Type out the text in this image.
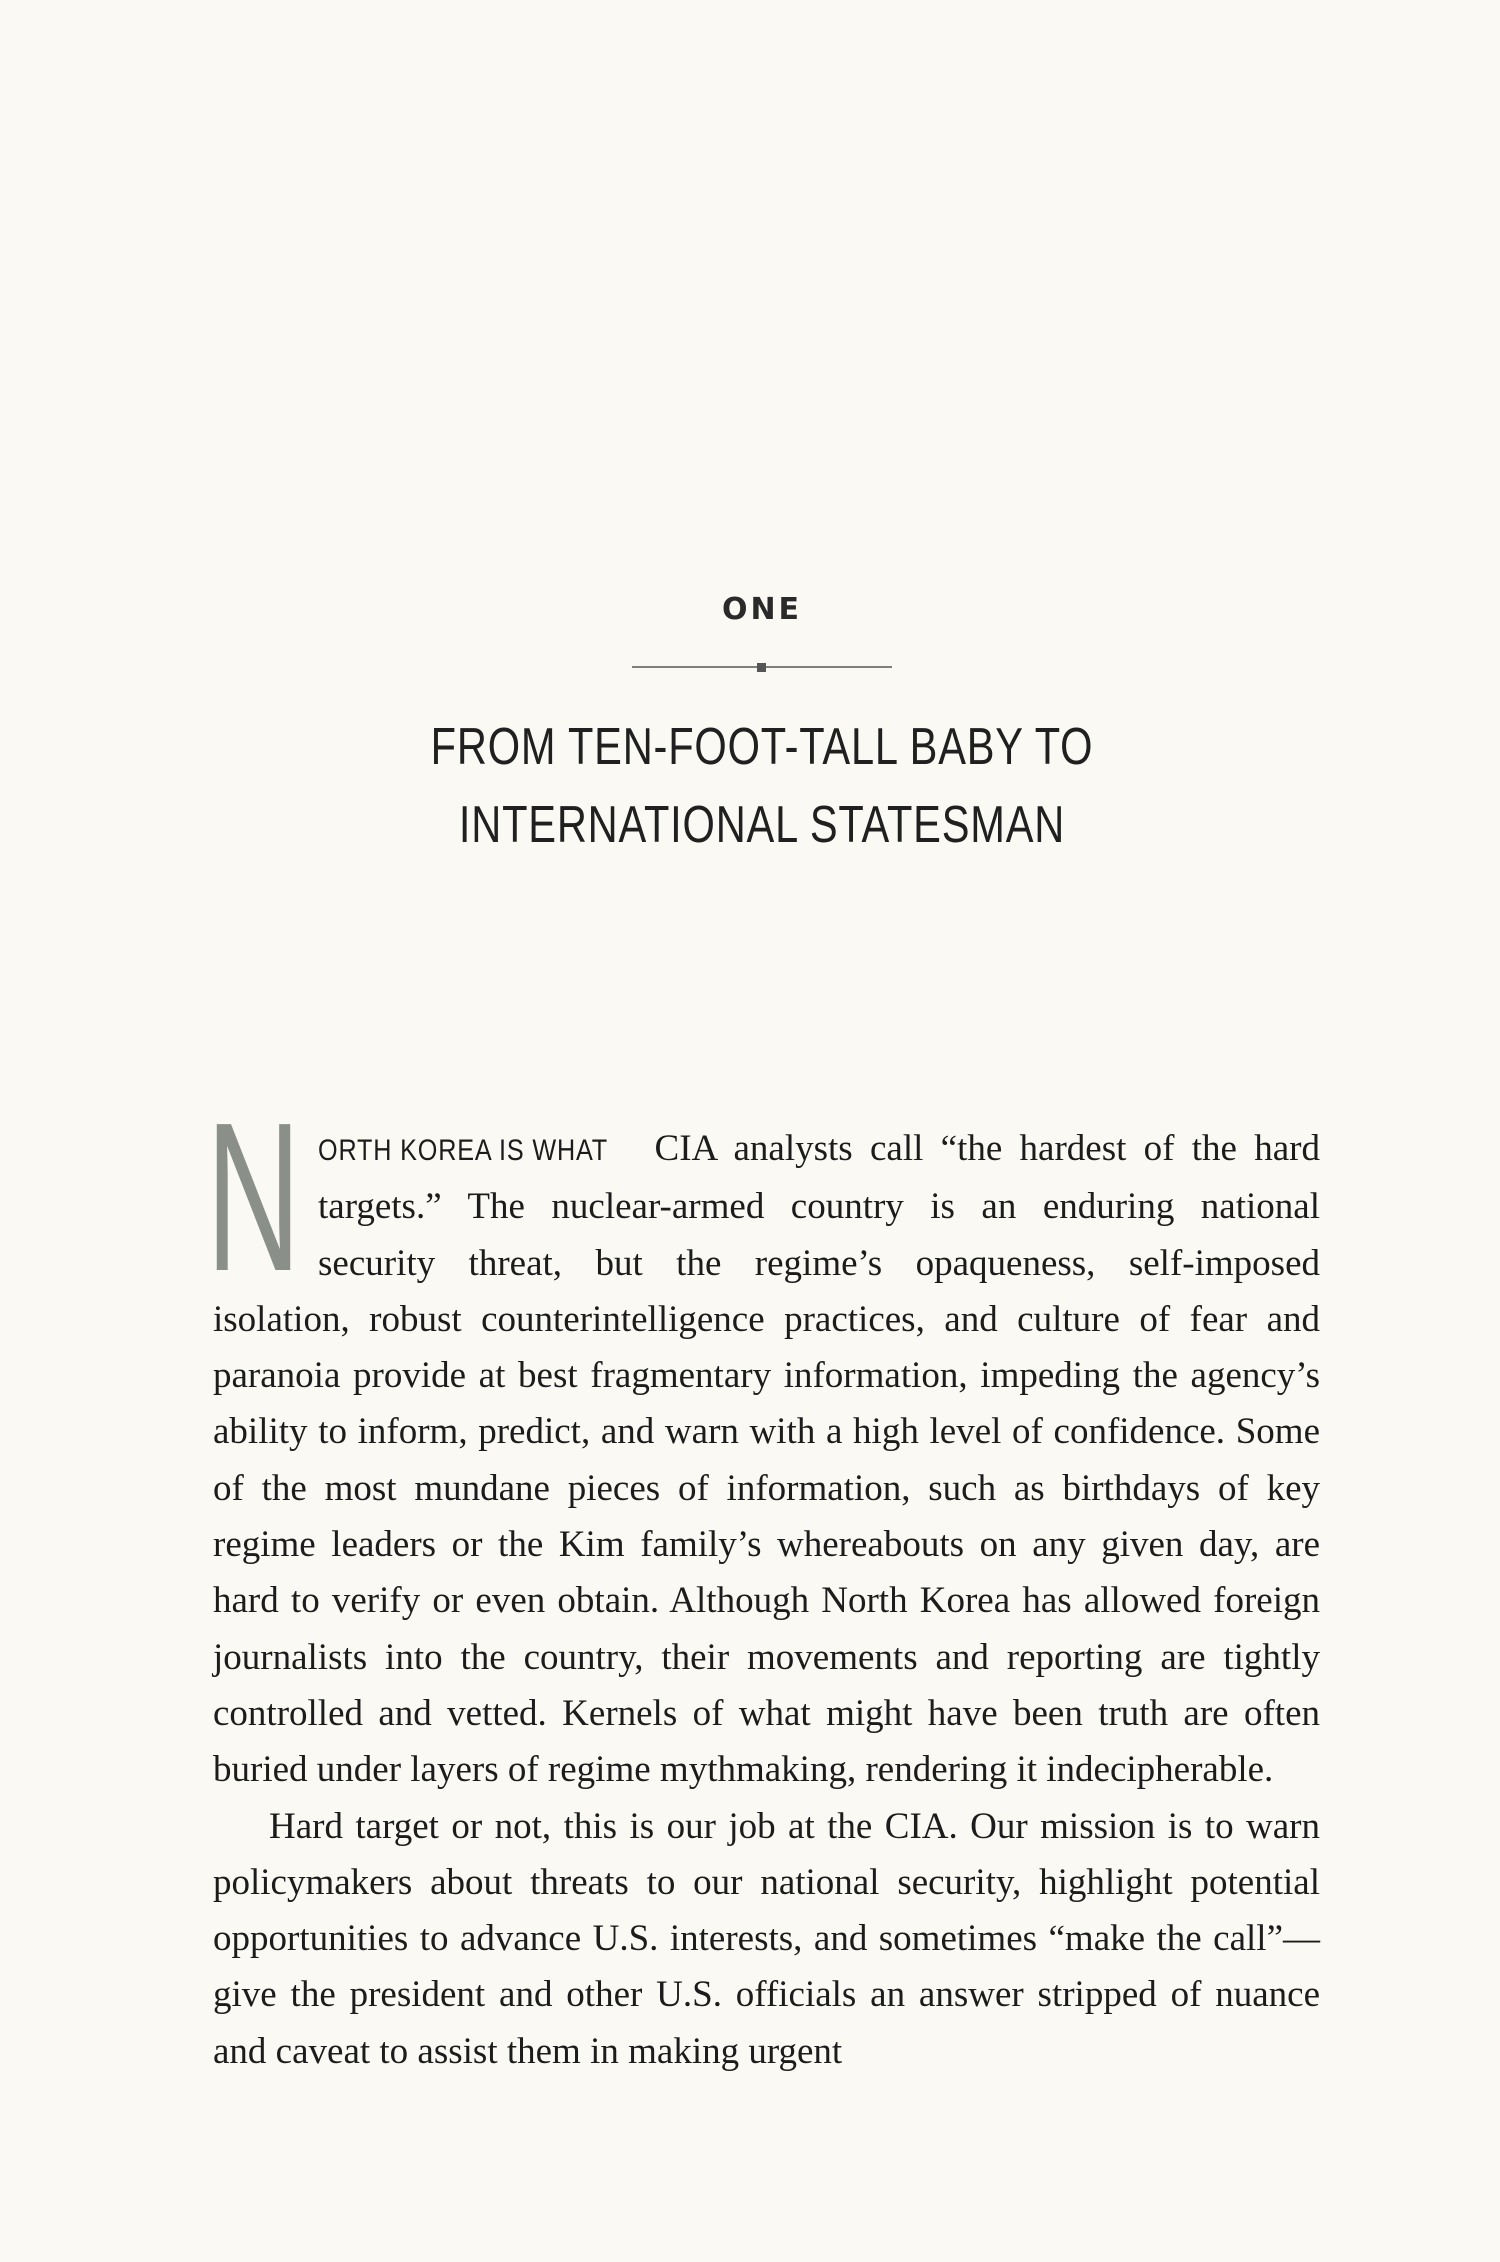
ONE
FROM TEN-FOOT-TALL BABY TO
INTERNATIONAL STATESMAN

N ORTH KOREA IS WHAT CIA analysts call “the hardest of the hard targets.” The nuclear-armed country is an enduring national security threat, but the regime’s opaqueness, self-imposed isolation, robust counterintelligence practices, and culture of fear and paranoia provide at best fragmentary information, impeding the agency’s ability to inform, predict, and warn with a high level of confidence. Some of the most mundane pieces of information, such as birthdays of key regime leaders or the Kim family’s whereabouts on any given day, are hard to verify or even obtain. Although North Korea has allowed foreign journalists into the country, their movements and reporting are tightly controlled and vetted. Kernels of what might have been truth are often buried under layers of regime mythmaking, rendering it indecipherable.

Hard target or not, this is our job at the CIA. Our mission is to warn policymakers about threats to our national security, highlight potential opportunities to advance U.S. interests, and sometimes “make the call”—give the president and other U.S. officials an answer stripped of nuance and caveat to assist them in making urgent
